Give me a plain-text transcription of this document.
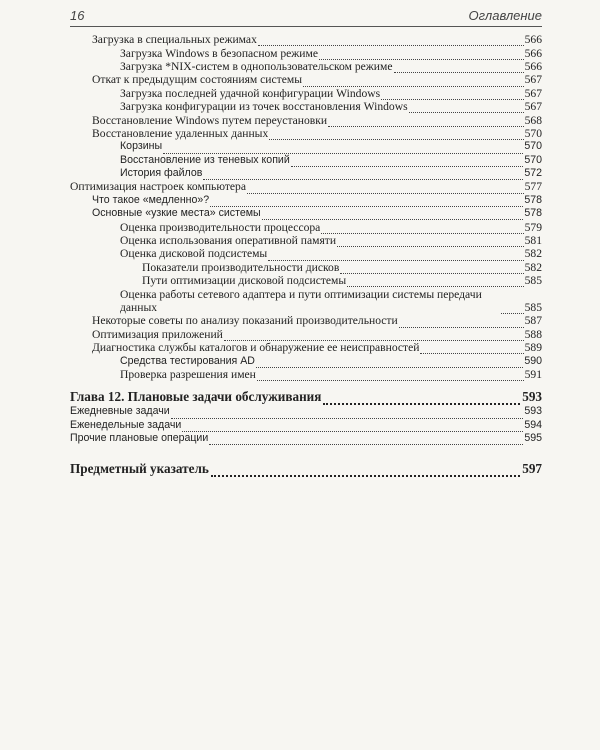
16	Оглавление
Загрузка в специальных режимах	566
Загрузка Windows в безопасном режиме	566
Загрузка *NIX-систем в однопользовательском режиме	566
Откат к предыдущим состояниям системы	567
Загрузка последней удачной конфигурации Windows	567
Загрузка конфигурации из точек восстановления Windows	567
Восстановление Windows путем переустановки	568
Восстановление удаленных данных	570
Корзины	570
Восстановление из теневых копий	570
История файлов	572
Оптимизация настроек компьютера	577
Что такое «медленно»?	578
Основные «узкие места» системы	578
Оценка производительности процессора	579
Оценка использования оперативной памяти	581
Оценка дисковой подсистемы	582
Показатели производительности дисков	582
Пути оптимизации дисковой подсистемы	585
Оценка работы сетевого адаптера и пути оптимизации системы передачи данных	585
Некоторые советы по анализу показаний производительности	587
Оптимизация приложений	588
Диагностика службы каталогов и обнаружение ее неисправностей	589
Средства тестирования AD	590
Проверка разрешения имен	591
Глава 12. Плановые задачи обслуживания	593
Ежедневные задачи	593
Еженедельные задачи	594
Прочие плановые операции	595
Предметный указатель	597
